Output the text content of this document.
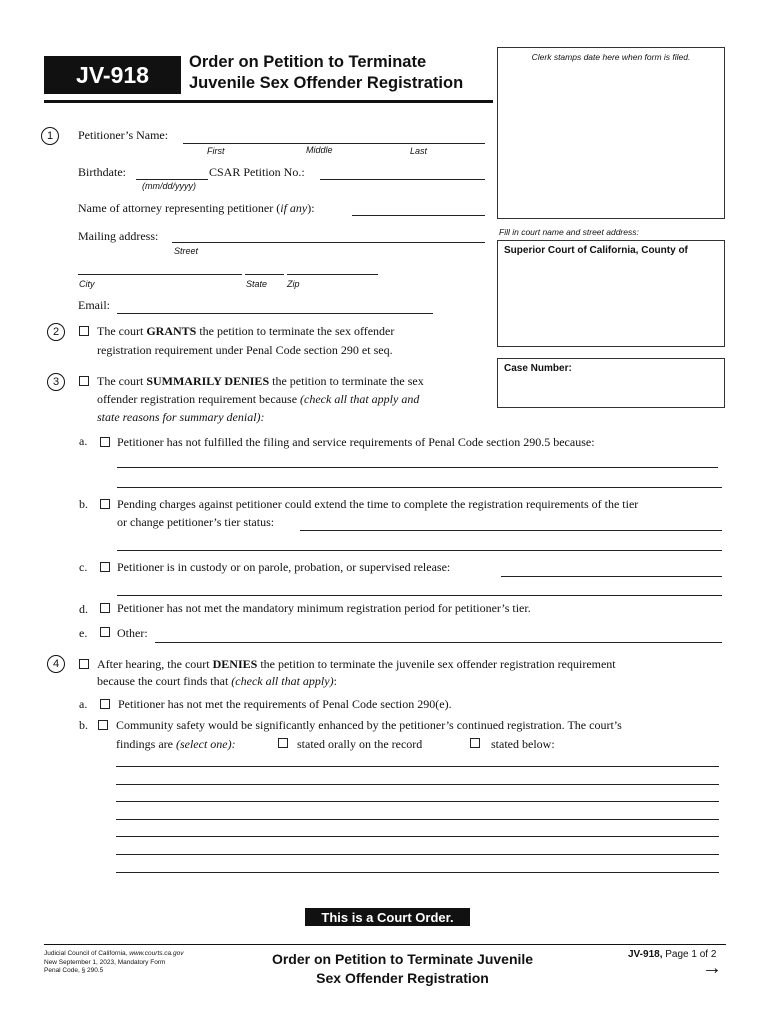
JV-918 Order on Petition to Terminate
Juvenile Sex Offender Registration
Clerk stamps date here when form is filed.
Fill in court name and street address:
Superior Court of California, County of
Case Number:
1	Petitioner’s Name:
First	Middle	Last
Birthdate:
(mm/dd/yyyy)
CSAR Petition No.:
Name of attorney representing petitioner (if any):
Mailing address:
Street
City	State Zip
Email:
2	The court GRANTS the petition to terminate the sex offender
registration requirement under Penal Code section 290 et seq.
3	The court SUMMARILY DENIES the petition to terminate the sex
offender registration requirement because (check all that apply and
state reasons for summary denial):
a. Petitioner has not fulfilled the filing and service requirements of Penal Code section 290.5 because:
b. Pending charges against petitioner could extend the time to complete the registration requirements of the tier
or change petitioner’s tier status:
c. Petitioner is in custody or on parole, probation, or supervised release:
d. Petitioner has not met the mandatory minimum registration period for petitioner’s tier.
e. Other:
4	After hearing, the court DENIES the petition to terminate the juvenile sex offender registration requirement
because the court finds that (check all that apply):
a.	Petitioner has not met the requirements of Penal Code section 290(e).
b. Community safety would be significantly enhanced by the petitioner’s continued registration. The court’s
findings are (select one):	stated orally on the record	stated below:
This is a Court Order.
Judicial Council of California, www.courts.ca.gov
New September 1, 2023, Mandatory Form
Penal Code, § 290.5
Order on Petition to Terminate Juvenile
Sex Offender Registration
JV-918, Page 1 of 2
→
